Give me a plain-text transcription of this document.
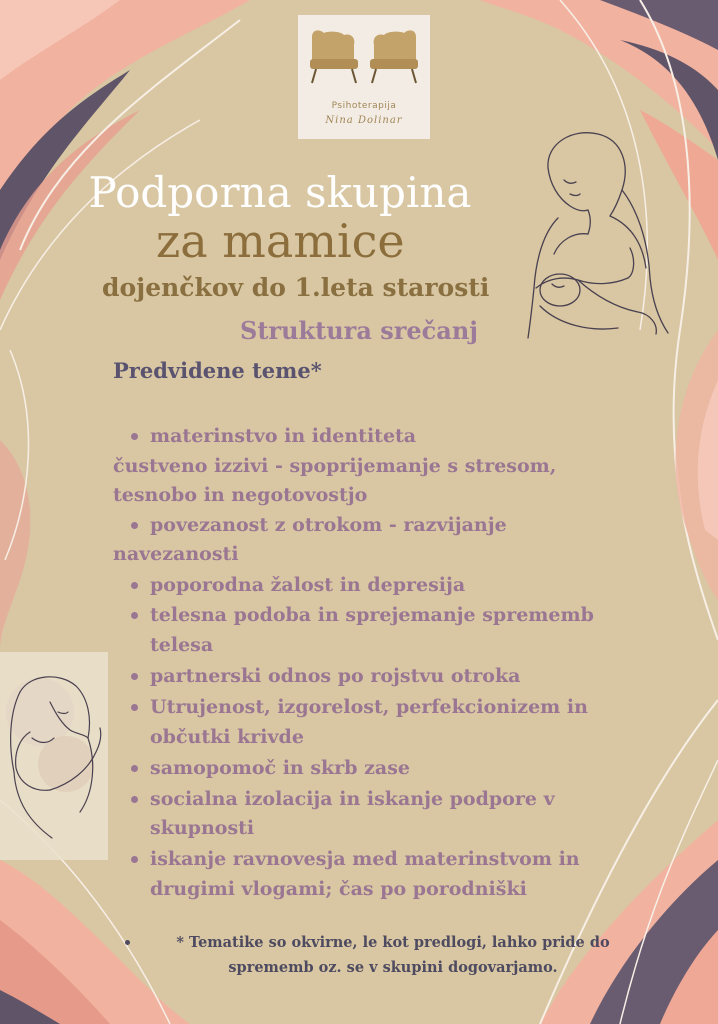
Psihoterapija
Nina Dolinar
Podporna skupina
za mamice
dojenčkov do 1.leta starosti
Struktura srečanj
Predvidene teme*
materinstvo in identiteta
čustveno izzivi - spoprijemanje s stresom,
tesnobo in negotovostjo
povezanost z otrokom - razvijanje
navezanosti
poporodna žalost in depresija
telesna podoba in sprejemanje sprememb
telesa
partnerski odnos po rojstvu otroka
Utrujenost, izgorelost, perfekcionizem in
občutki krivde
samopomoč in skrb zase
socialna izolacija in iskanje podpore v
skupnosti
iskanje ravnovesja med materinstvom in
drugimi vlogami; čas po porodniški
* Tematike so okvirne, le kot predlogi, lahko pride do
sprememb oz. se v skupini dogovarjamo.
